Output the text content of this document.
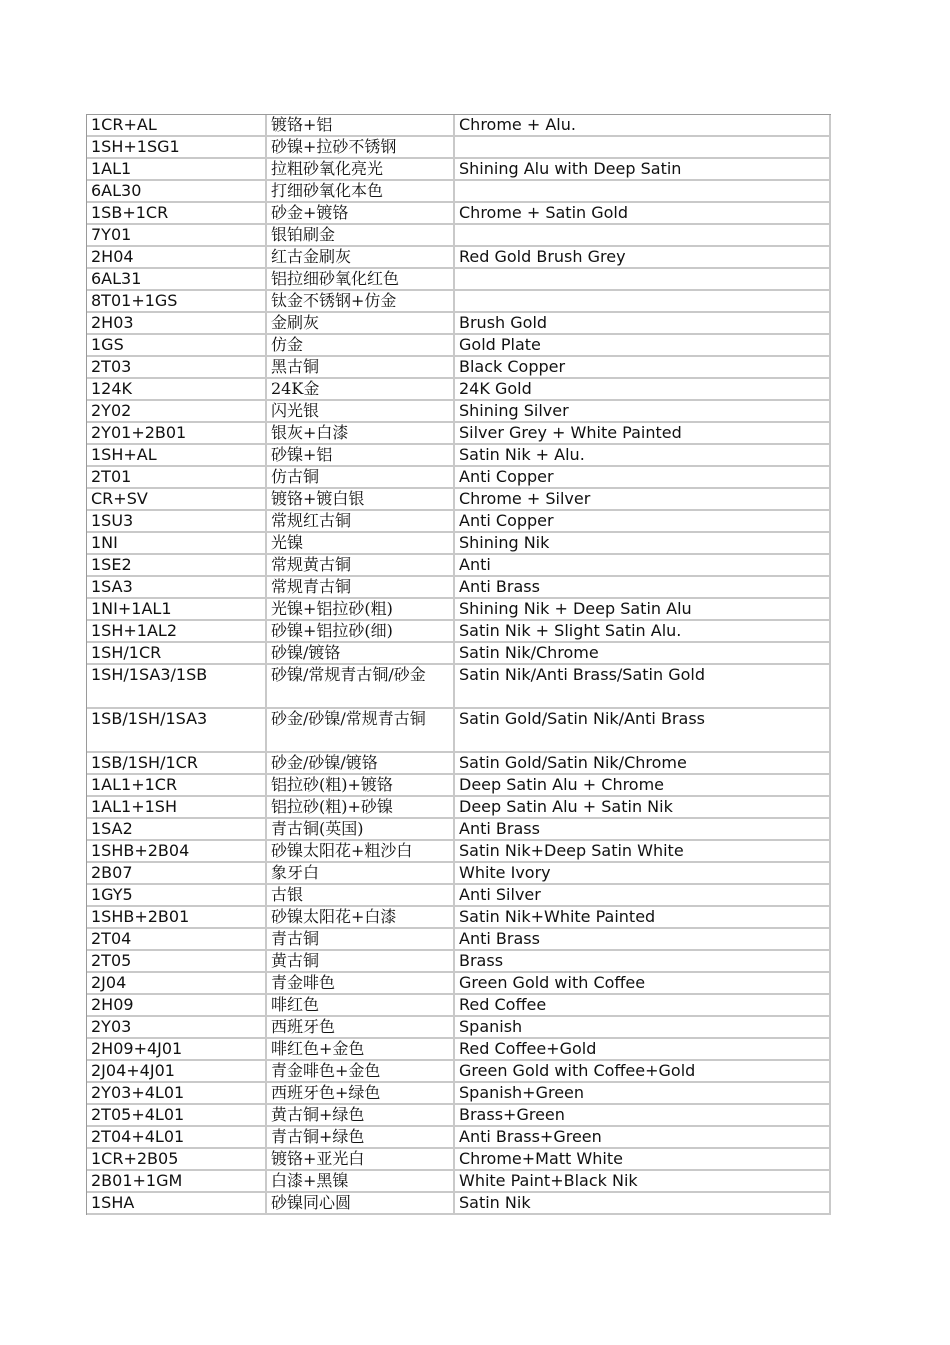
1CR+AL	镀铬+铝	Chrome + Alu.
1SH+1SG1	砂镍+拉砂不锈钢	
1AL1	拉粗砂氧化亮光	Shining Alu with Deep Satin
6AL30	打细砂氧化本色	
1SB+1CR	砂金+镀铬	Chrome + Satin Gold
7Y01	银铂刷金	
2H04	红古金刷灰	Red Gold Brush Grey
6AL31	铝拉细砂氧化红色	
8T01+1GS	钛金不锈钢+仿金	
2H03	金刷灰	Brush Gold
1GS	仿金	Gold Plate
2T03	黑古铜	Black Copper
124K	24K金	24K Gold
2Y02	闪光银	Shining Silver
2Y01+2B01	银灰+白漆	Silver Grey + White Painted
1SH+AL	砂镍+铝	Satin Nik + Alu.
2T01	仿古铜	Anti Copper
CR+SV	镀铬+镀白银	Chrome + Silver
1SU3	常规红古铜	Anti Copper
1NI	光镍	Shining Nik
1SE2	常规黄古铜	Anti
1SA3	常规青古铜	Anti Brass
1NI+1AL1	光镍+铝拉砂(粗)	Shining Nik + Deep Satin Alu
1SH+1AL2	砂镍+铝拉砂(细)	Satin Nik + Slight Satin Alu.
1SH/1CR	砂镍/镀铬	Satin Nik/Chrome
1SH/1SA3/1SB	砂镍/常规青古铜/砂金	Satin Nik/Anti Brass/Satin Gold
1SB/1SH/1SA3	砂金/砂镍/常规青古铜	Satin Gold/Satin Nik/Anti Brass
1SB/1SH/1CR	砂金/砂镍/镀铬	Satin Gold/Satin Nik/Chrome
1AL1+1CR	铝拉砂(粗)+镀铬	Deep Satin Alu + Chrome
1AL1+1SH	铝拉砂(粗)+砂镍	Deep Satin Alu + Satin Nik
1SA2	青古铜(英国)	Anti Brass
1SHB+2B04	砂镍太阳花+粗沙白	Satin Nik+Deep Satin White
2B07	象牙白	White Ivory
1GY5	古银	Anti Silver
1SHB+2B01	砂镍太阳花+白漆	Satin Nik+White Painted
2T04	青古铜	Anti Brass
2T05	黄古铜	Brass
2J04	青金啡色	Green Gold with Coffee
2H09	啡红色	Red Coffee
2Y03	西班牙色	Spanish
2H09+4J01	啡红色+金色	Red Coffee+Gold
2J04+4J01	青金啡色+金色	Green Gold with Coffee+Gold
2Y03+4L01	西班牙色+绿色	Spanish+Green
2T05+4L01	黄古铜+绿色	Brass+Green
2T04+4L01	青古铜+绿色	Anti Brass+Green
1CR+2B05	镀铬+亚光白	Chrome+Matt White
2B01+1GM	白漆+黑镍	White Paint+Black Nik
1SHA	砂镍同心圆	Satin Nik
